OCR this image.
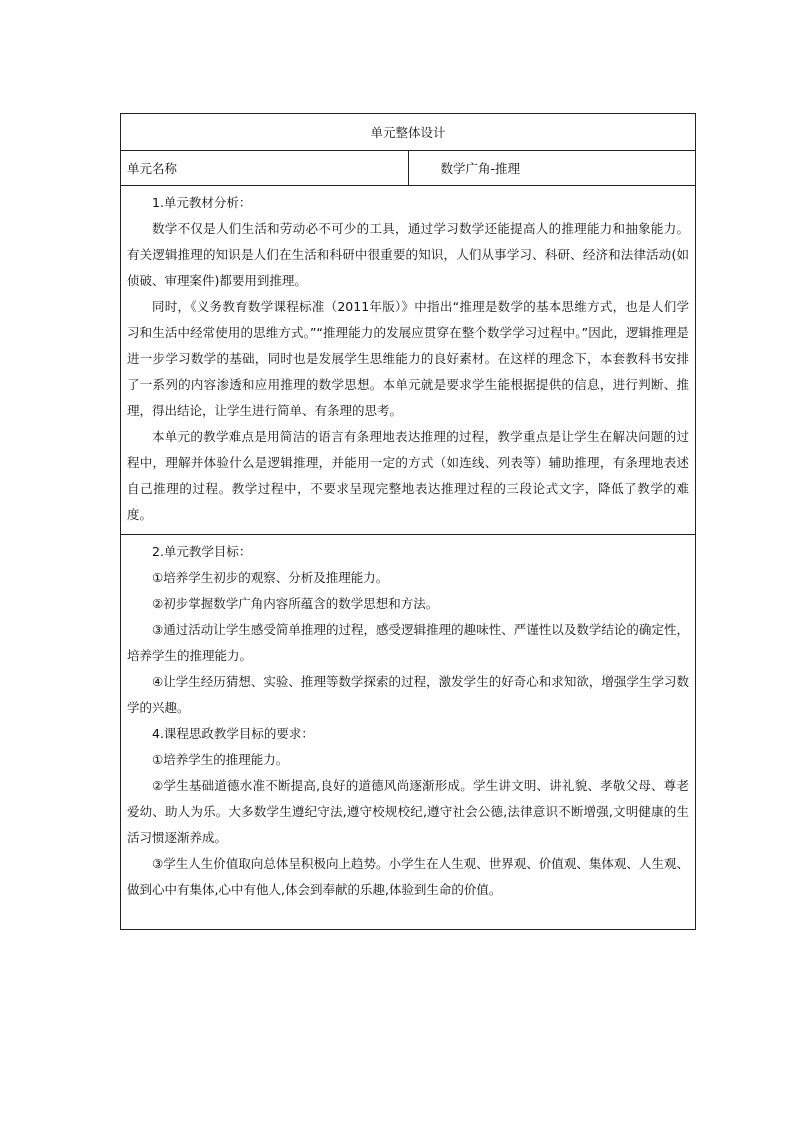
单元整体设计
单元名称	数学广角-推理

1.单元教材分析：

数学不仅是人们生活和劳动必不可少的工具，通过学习数学还能提高人的推理能力和抽象能力。有关逻辑推理的知识是人们在生活和科研中很重要的知识，人们从事学习、科研、经济和法律活动(如侦破、审理案件)都要用到推理。

同时，《义务教育数学课程标准（2011年版）》中指出“推理是数学的基本思维方式，也是人们学习和生活中经常使用的思维方式。”“推理能力的发展应贯穿在整个数学学习过程中。”因此，逻辑推理是进一步学习数学的基础，同时也是发展学生思维能力的良好素材。在这样的理念下，本套教科书安排了一系列的内容渗透和应用推理的数学思想。本单元就是要求学生能根据提供的信息，进行判断、推理，得出结论，让学生进行简单、有条理的思考。

本单元的教学难点是用简洁的语言有条理地表达推理的过程，教学重点是让学生在解决问题的过程中，理解并体验什么是逻辑推理，并能用一定的方式（如连线、列表等）辅助推理，有条理地表述自己推理的过程。教学过程中，不要求呈现完整地表达推理过程的三段论式文字，降低了教学的难度。

2.单元教学目标：

①培养学生初步的观察、分析及推理能力。

②初步掌握数学广角内容所蕴含的数学思想和方法。

③通过活动让学生感受简单推理的过程，感受逻辑推理的趣味性、严谨性以及数学结论的确定性，培养学生的推理能力。

④让学生经历猜想、实验、推理等数学探索的过程，激发学生的好奇心和求知欲，增强学生学习数学的兴趣。

4.课程思政教学目标的要求：

①培养学生的推理能力。

②学生基础道德水准不断提高,良好的道德风尚逐渐形成。学生讲文明、讲礼貌、孝敬父母、尊老爱幼、助人为乐。大多数学生遵纪守法,遵守校规校纪,遵守社会公德,法律意识不断增强,文明健康的生活习惯逐渐养成。

③学生人生价值取向总体呈积极向上趋势。小学生在人生观、世界观、价值观、集体观、人生观、做到心中有集体,心中有他人,体会到奉献的乐趣,体验到生命的价值。
